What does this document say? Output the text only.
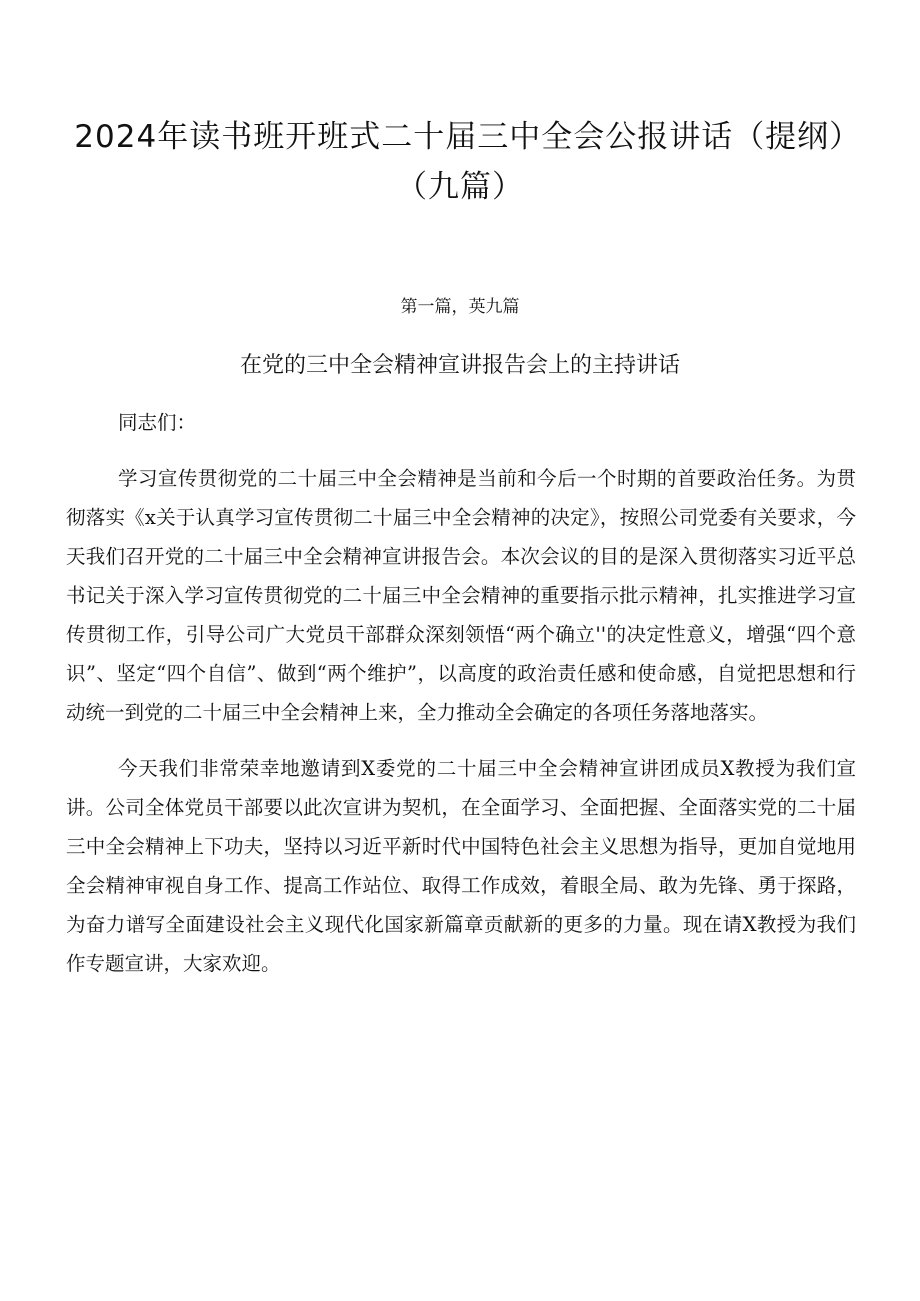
2024年读书班开班式二十届三中全会公报讲话（提纲）（九篇）

第一篇，英九篇

在党的三中全会精神宣讲报告会上的主持讲话

同志们：

学习宣传贯彻党的二十届三中全会精神是当前和今后一个时期的首要政治任务。为贯彻落实《x关于认真学习宣传贯彻二十届三中全会精神的决定》，按照公司党委有关要求，今天我们召开党的二十届三中全会精神宣讲报告会。本次会议的目的是深入贯彻落实习近平总书记关于深入学习宣传贯彻党的二十届三中全会精神的重要指示批示精神，扎实推进学习宣传贯彻工作，引导公司广大党员干部群众深刻领悟“两个确立''的决定性意义，增强“四个意识”、坚定“四个自信”、做到“两个维护”，以高度的政治责任感和使命感，自觉把思想和行动统一到党的二十届三中全会精神上来，全力推动全会确定的各项任务落地落实。

今天我们非常荣幸地邀请到X委党的二十届三中全会精神宣讲团成员X教授为我们宣讲。公司全体党员干部要以此次宣讲为契机，在全面学习、全面把握、全面落实党的二十届三中全会精神上下功夫，坚持以习近平新时代中国特色社会主义思想为指导，更加自觉地用全会精神审视自身工作、提高工作站位、取得工作成效，着眼全局、敢为先锋、勇于探路，为奋力谱写全面建设社会主义现代化国家新篇章贡献新的更多的力量。现在请X教授为我们作专题宣讲，大家欢迎。
